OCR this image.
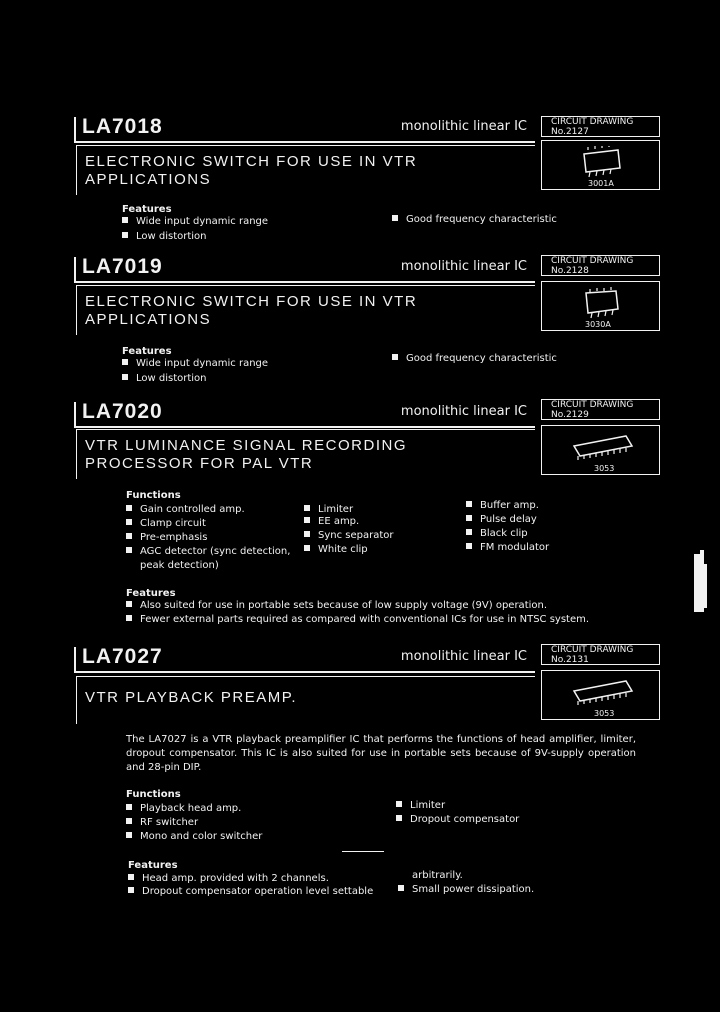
LA7018	monolithic linear IC	CIRCUIT DRAWING
No.2127
ELECTRONIC SWITCH FOR USE IN VTR
APPLICATIONS	3001A
Features
Wide input dynamic range
Low distortion
Good frequency characteristic
LA7019	monolithic linear IC	CIRCUIT DRAWING
No.2128
ELECTRONIC SWITCH FOR USE IN VTR
APPLICATIONS	3030A
Features
Wide input dynamic range
Low distortion
Good frequency characteristic
LA7020	monolithic linear IC	CIRCUIT DRAWING
No.2129
VTR LUMINANCE SIGNAL RECORDING
PROCESSOR FOR PAL VTR	3053
Functions
Gain controlled amp.
Clamp circuit
Pre-emphasis
AGC detector (sync detection,
peak detection)
Limiter
EE amp.
Sync separator
White clip
Buffer amp.
Pulse delay
Black clip
FM modulator
Features
Also suited for use in portable sets because of low supply voltage (9V) operation.
Fewer external parts required as compared with conventional ICs for use in NTSC system.
LA7027	monolithic linear IC	CIRCUIT DRAWING
No.2131
VTR PLAYBACK PREAMP.
3053

The LA7027 is a VTR playback preamplifier IC that performs the functions of head amplifier, limiter, dropout compensator. This IC is also suited for use in portable sets because of 9V-supply operation and 28-pin DIP.

Functions
Playback head amp.
RF switcher
Mono and color switcher
Limiter
Dropout compensator
Features
Head amp. provided with 2 channels.
Dropout compensator operation level settable
arbitrarily.
Small power dissipation.
